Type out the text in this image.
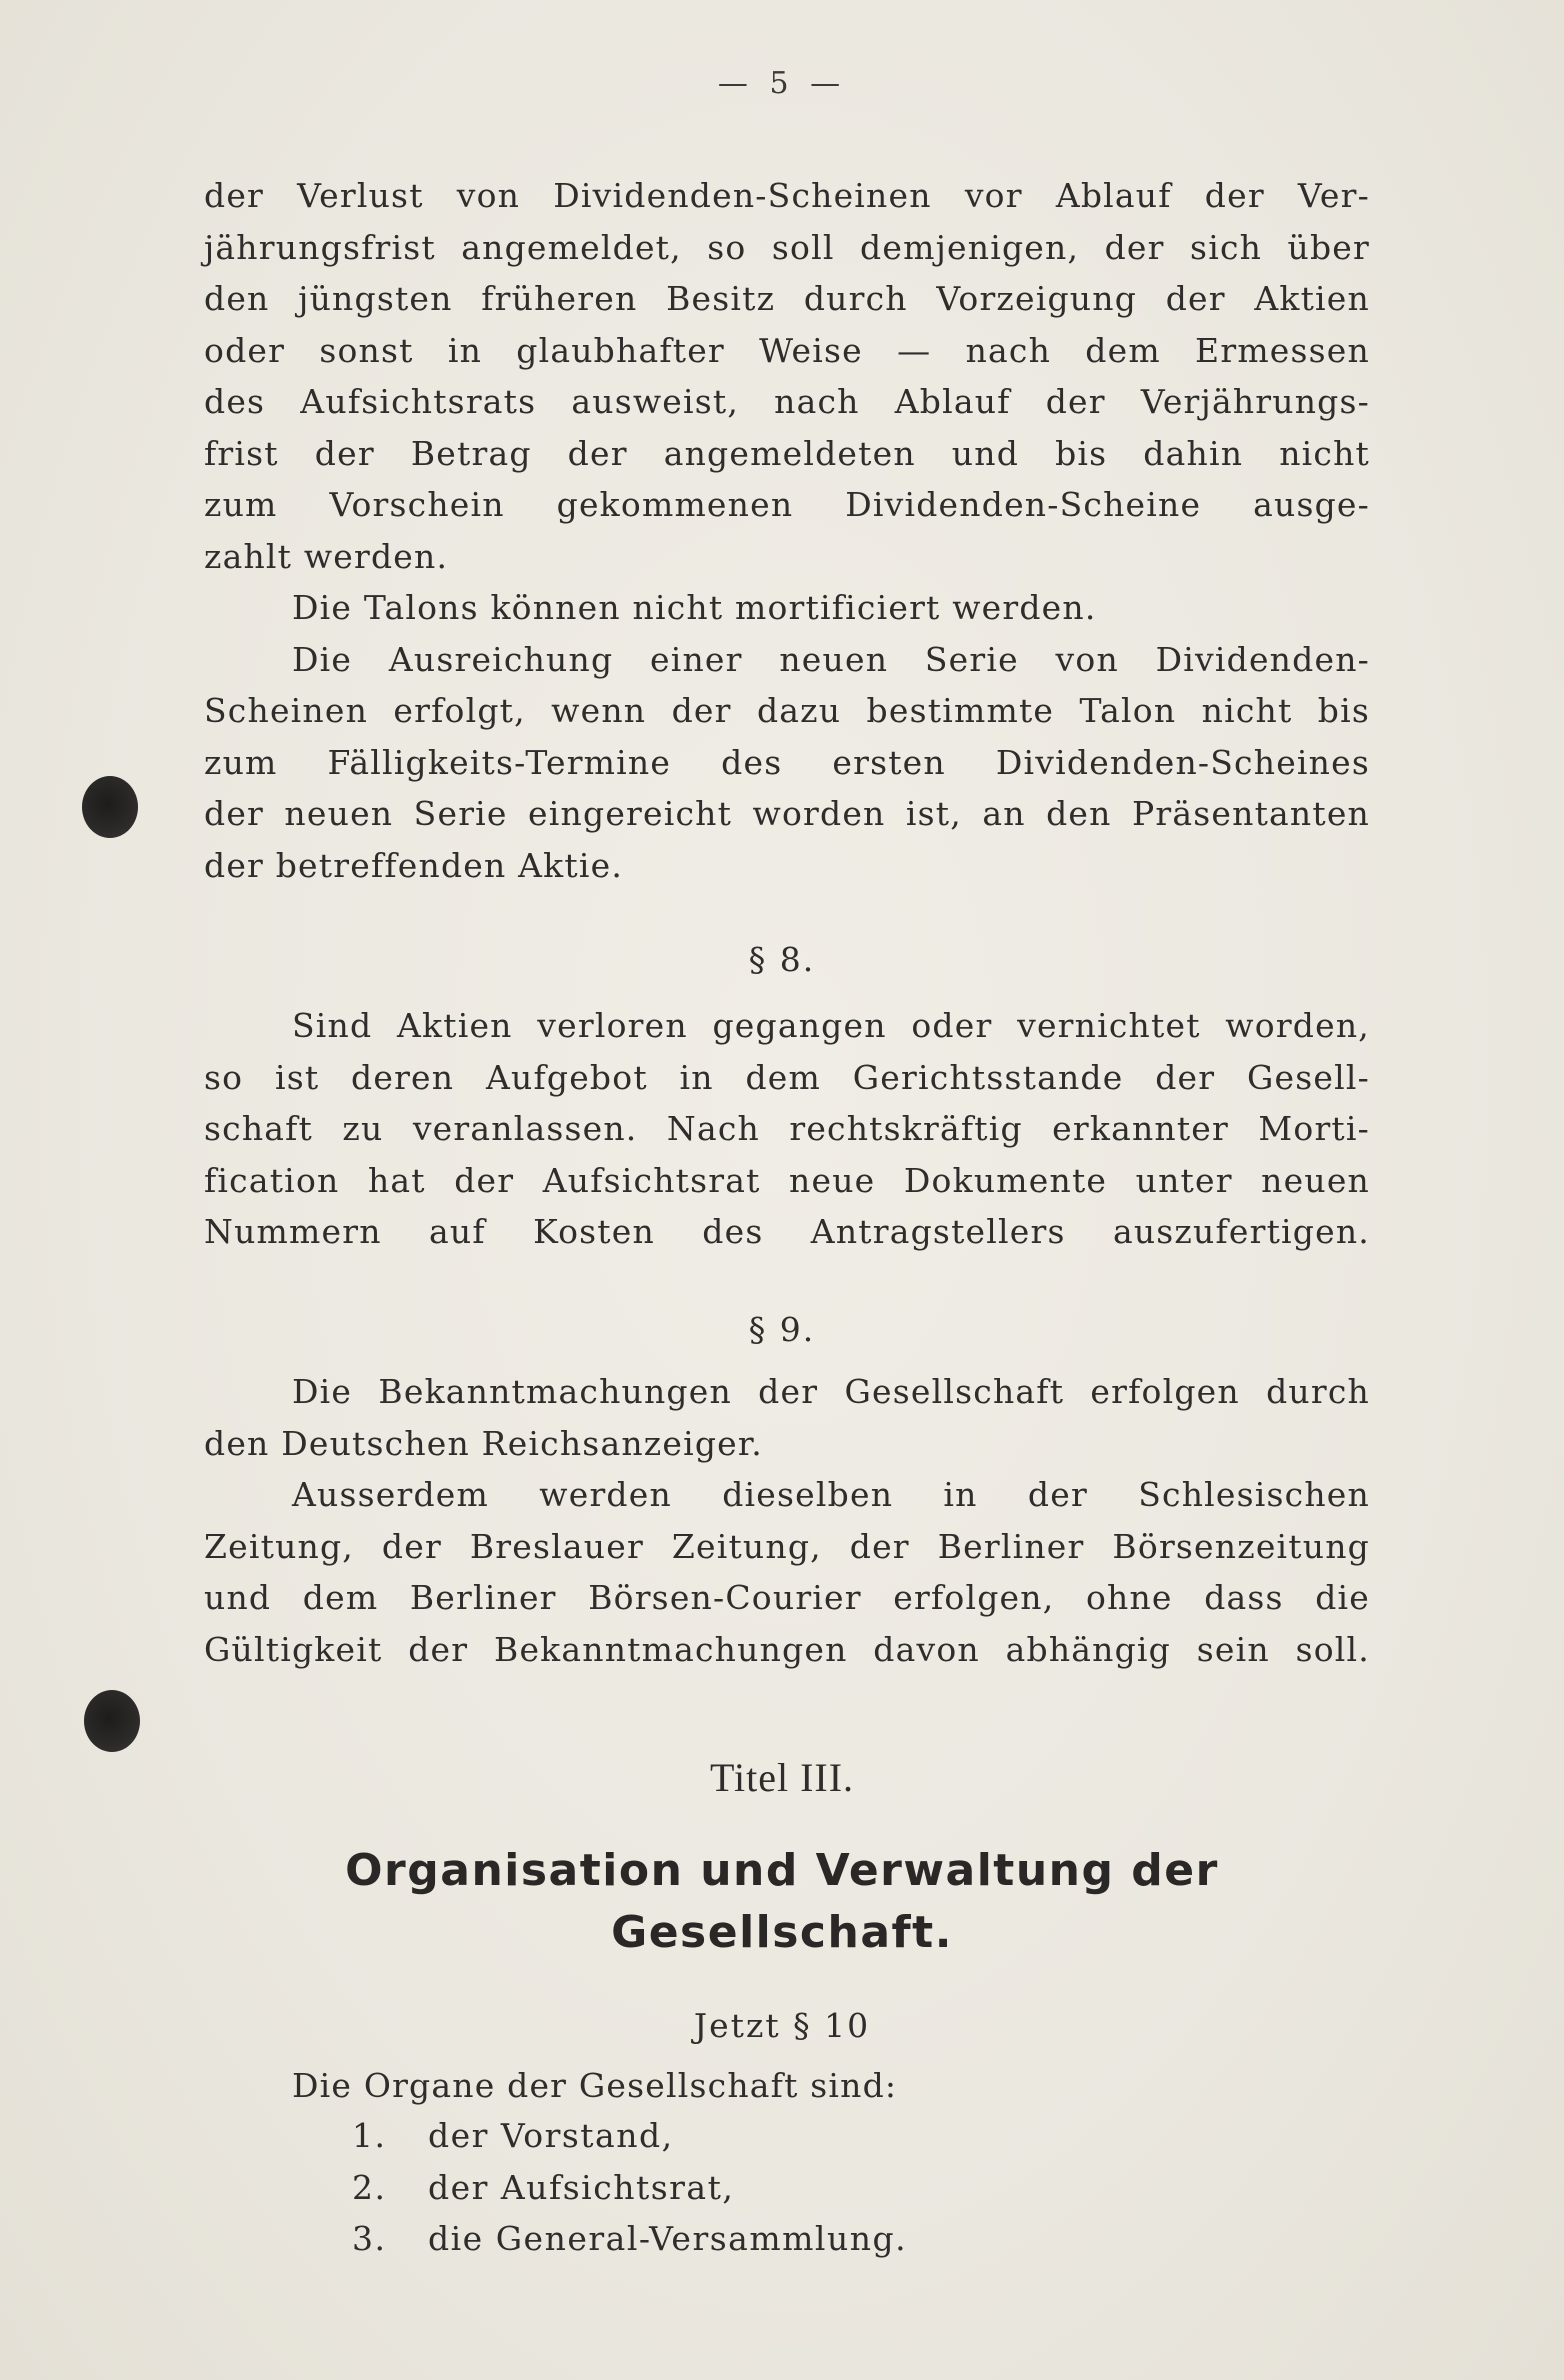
— 5 —
der Verlust von Dividenden-Scheinen vor Ablauf der Ver-
jährungsfrist angemeldet, so soll demjenigen, der sich über
den jüngsten früheren Besitz durch Vorzeigung der Aktien
oder sonst in glaubhafter Weise — nach dem Ermessen
des Aufsichtsrats ausweist, nach Ablauf der Verjährungs-
frist der Betrag der angemeldeten und bis dahin nicht
zum Vorschein gekommenen Dividenden-Scheine ausge-
zahlt werden.
Die Talons können nicht mortificiert werden.
Die Ausreichung einer neuen Serie von Dividenden-
Scheinen erfolgt, wenn der dazu bestimmte Talon nicht bis
zum Fälligkeits-Termine des ersten Dividenden-Scheines
der neuen Serie eingereicht worden ist, an den Präsentanten
der betreffenden Aktie.
§ 8.
Sind Aktien verloren gegangen oder vernichtet worden,
so ist deren Aufgebot in dem Gerichtsstande der Gesell-
schaft zu veranlassen. Nach rechtskräftig erkannter Morti-
fication hat der Aufsichtsrat neue Dokumente unter neuen
Nummern auf Kosten des Antragstellers auszufertigen.
§ 9.
Die Bekanntmachungen der Gesellschaft erfolgen durch
den Deutschen Reichsanzeiger.
Ausserdem werden dieselben in der Schlesischen
Zeitung, der Breslauer Zeitung, der Berliner Börsenzeitung
und dem Berliner Börsen-Courier erfolgen, ohne dass die
Gültigkeit der Bekanntmachungen davon abhängig sein soll.
Titel III.
Organisation und Verwaltung der
Gesellschaft.
Jetzt § 10
Die Organe der Gesellschaft sind:
1. der Vorstand,
2. der Aufsichtsrat,
3. die General-Versammlung.
